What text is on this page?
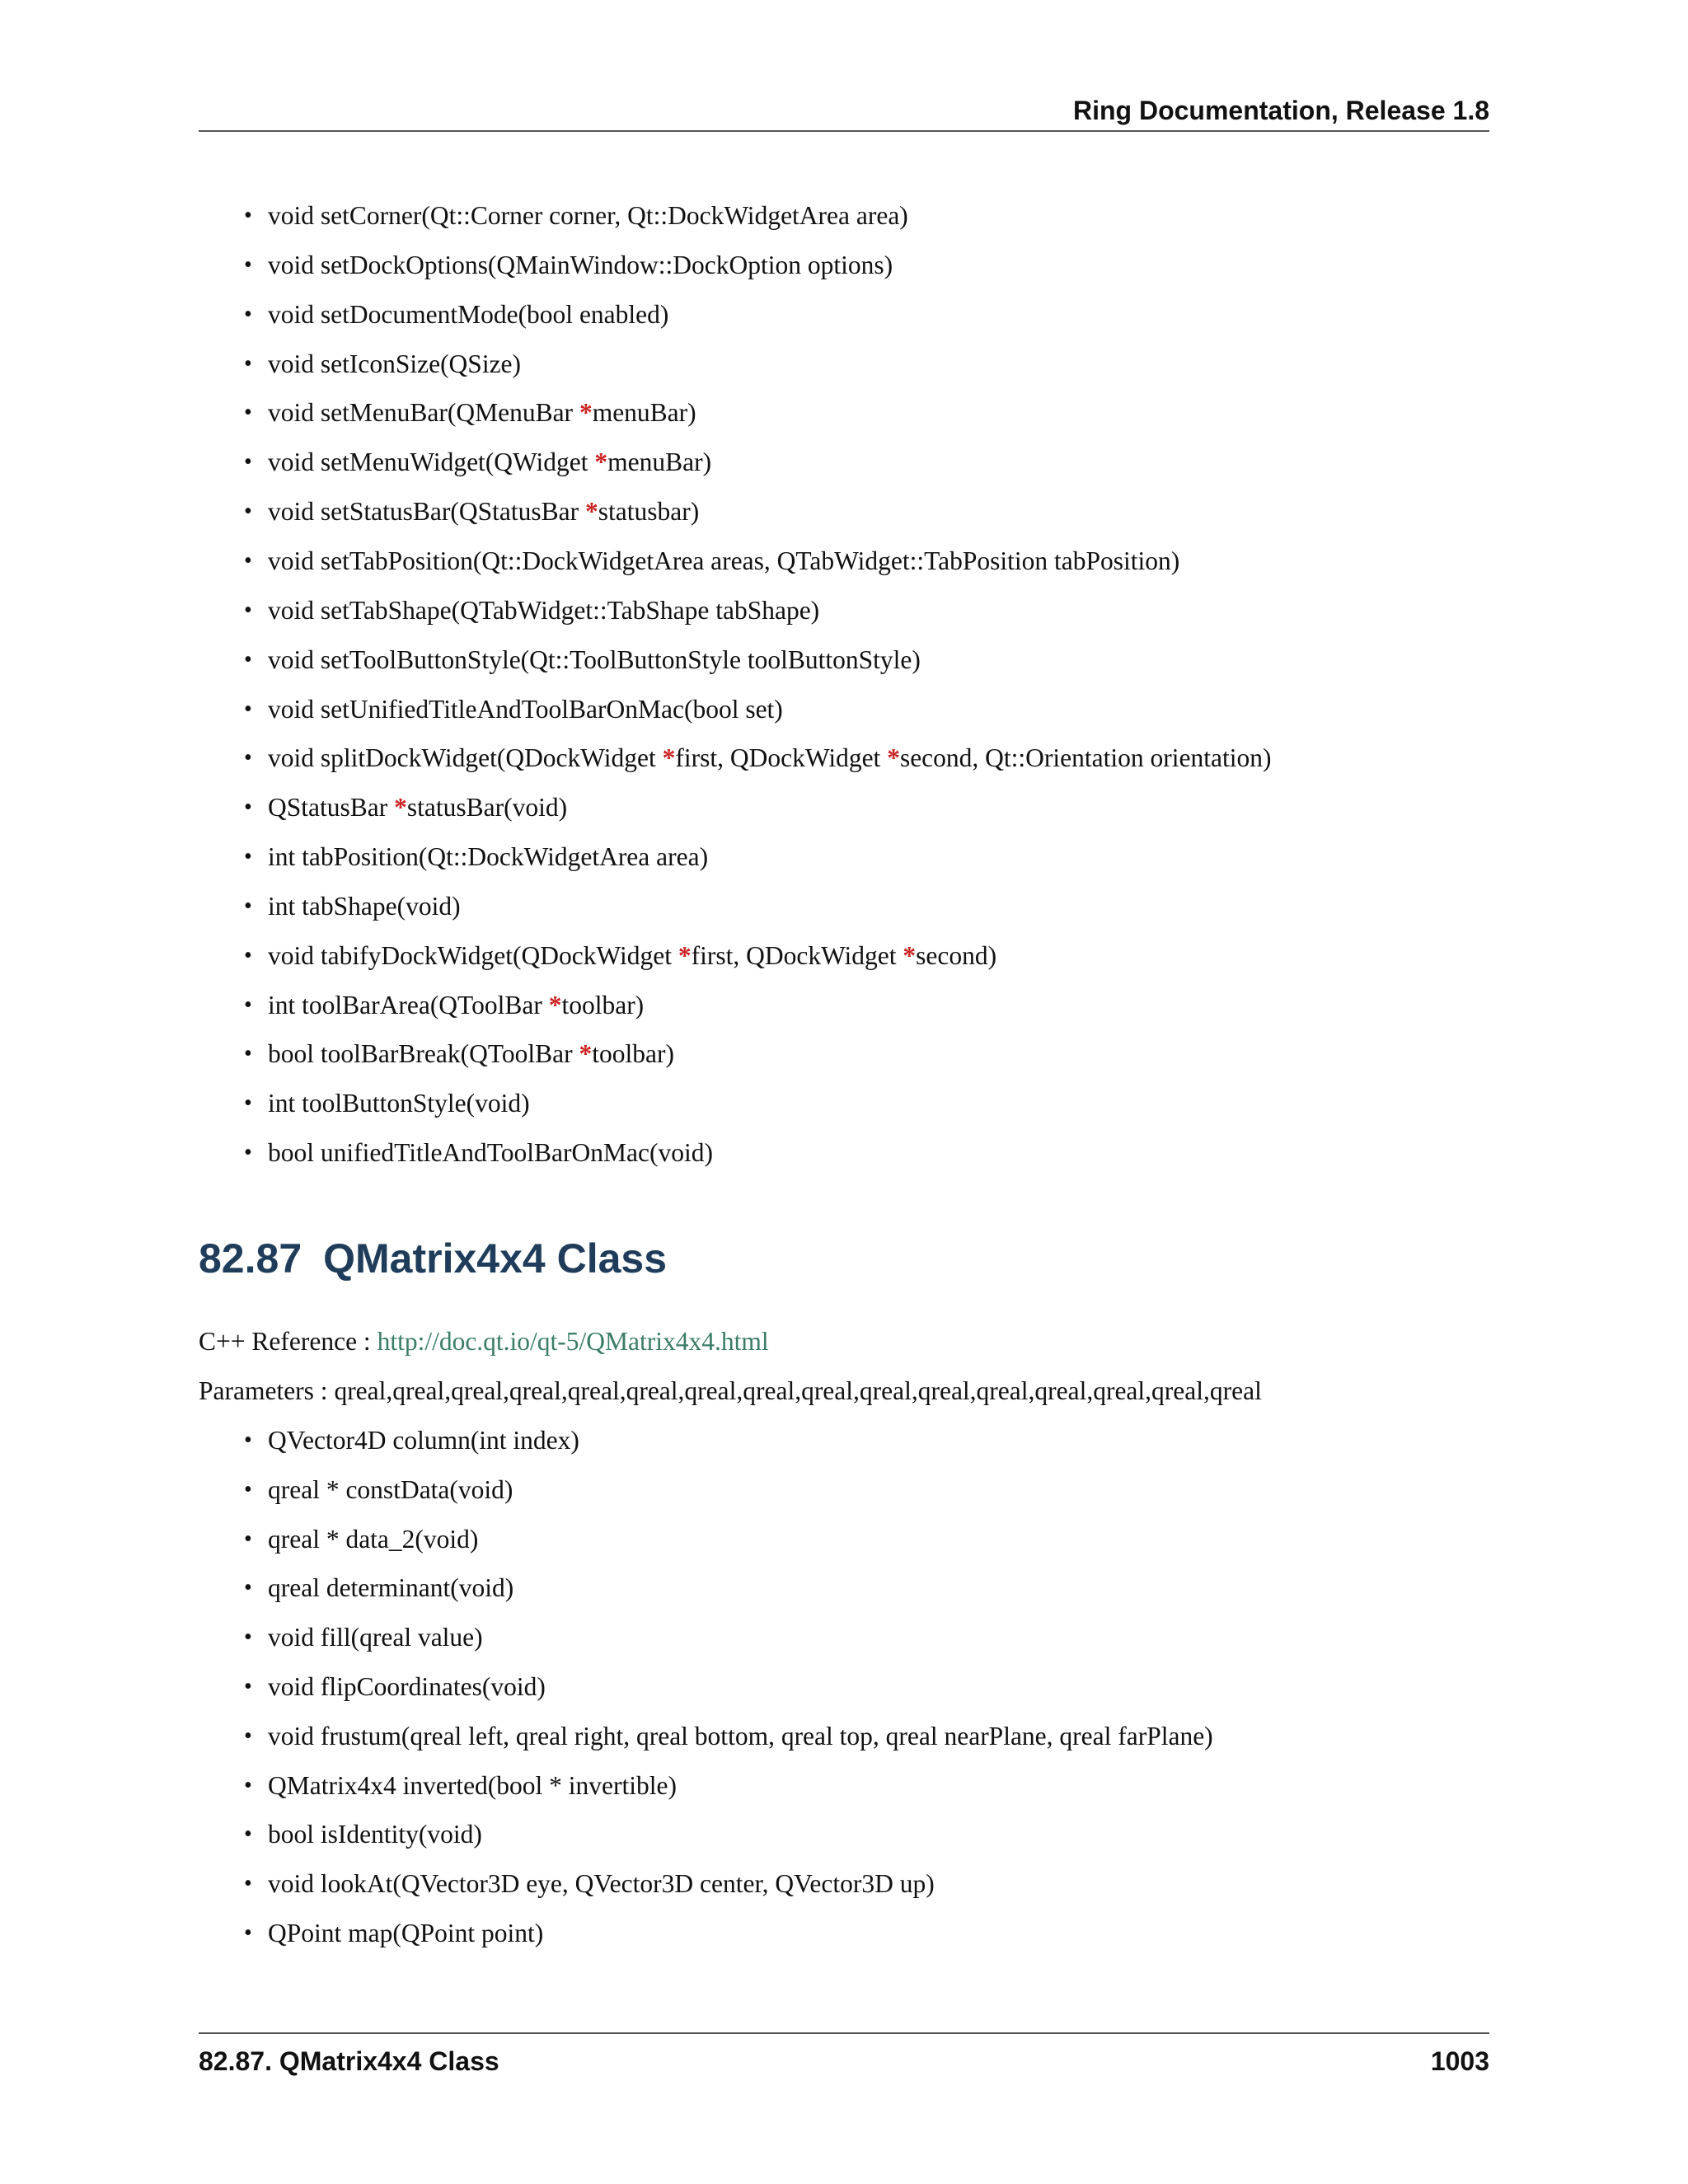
Ring Documentation, Release 1.8
• void setCorner(Qt::Corner corner, Qt::DockWidgetArea area)
• void setDockOptions(QMainWindow::DockOption options)
• void setDocumentMode(bool enabled)
• void setIconSize(QSize)
• void setMenuBar(QMenuBar *menuBar)
• void setMenuWidget(QWidget *menuBar)
• void setStatusBar(QStatusBar *statusbar)
• void setTabPosition(Qt::DockWidgetArea areas, QTabWidget::TabPosition tabPosition)
• void setTabShape(QTabWidget::TabShape tabShape)
• void setToolButtonStyle(Qt::ToolButtonStyle toolButtonStyle)
• void setUnifiedTitleAndToolBarOnMac(bool set)
• void splitDockWidget(QDockWidget *first, QDockWidget *second, Qt::Orientation orientation)
• QStatusBar *statusBar(void)
• int tabPosition(Qt::DockWidgetArea area)
• int tabShape(void)
• void tabifyDockWidget(QDockWidget *first, QDockWidget *second)
• int toolBarArea(QToolBar *toolbar)
• bool toolBarBreak(QToolBar *toolbar)
• int toolButtonStyle(void)
• bool unifiedTitleAndToolBarOnMac(void)
82.87 QMatrix4x4 Class
C++ Reference : http://doc.qt.io/qt-5/QMatrix4x4.html
Parameters : qreal,qreal,qreal,qreal,qreal,qreal,qreal,qreal,qreal,qreal,qreal,qreal,qreal,qreal,qreal,qreal
• QVector4D column(int index)
• qreal * constData(void)
• qreal * data_2(void)
• qreal determinant(void)
• void fill(qreal value)
• void flipCoordinates(void)
• void frustum(qreal left, qreal right, qreal bottom, qreal top, qreal nearPlane, qreal farPlane)
• QMatrix4x4 inverted(bool * invertible)
• bool isIdentity(void)
• void lookAt(QVector3D eye, QVector3D center, QVector3D up)
• QPoint map(QPoint point)
82.87. QMatrix4x4 Class	1003
